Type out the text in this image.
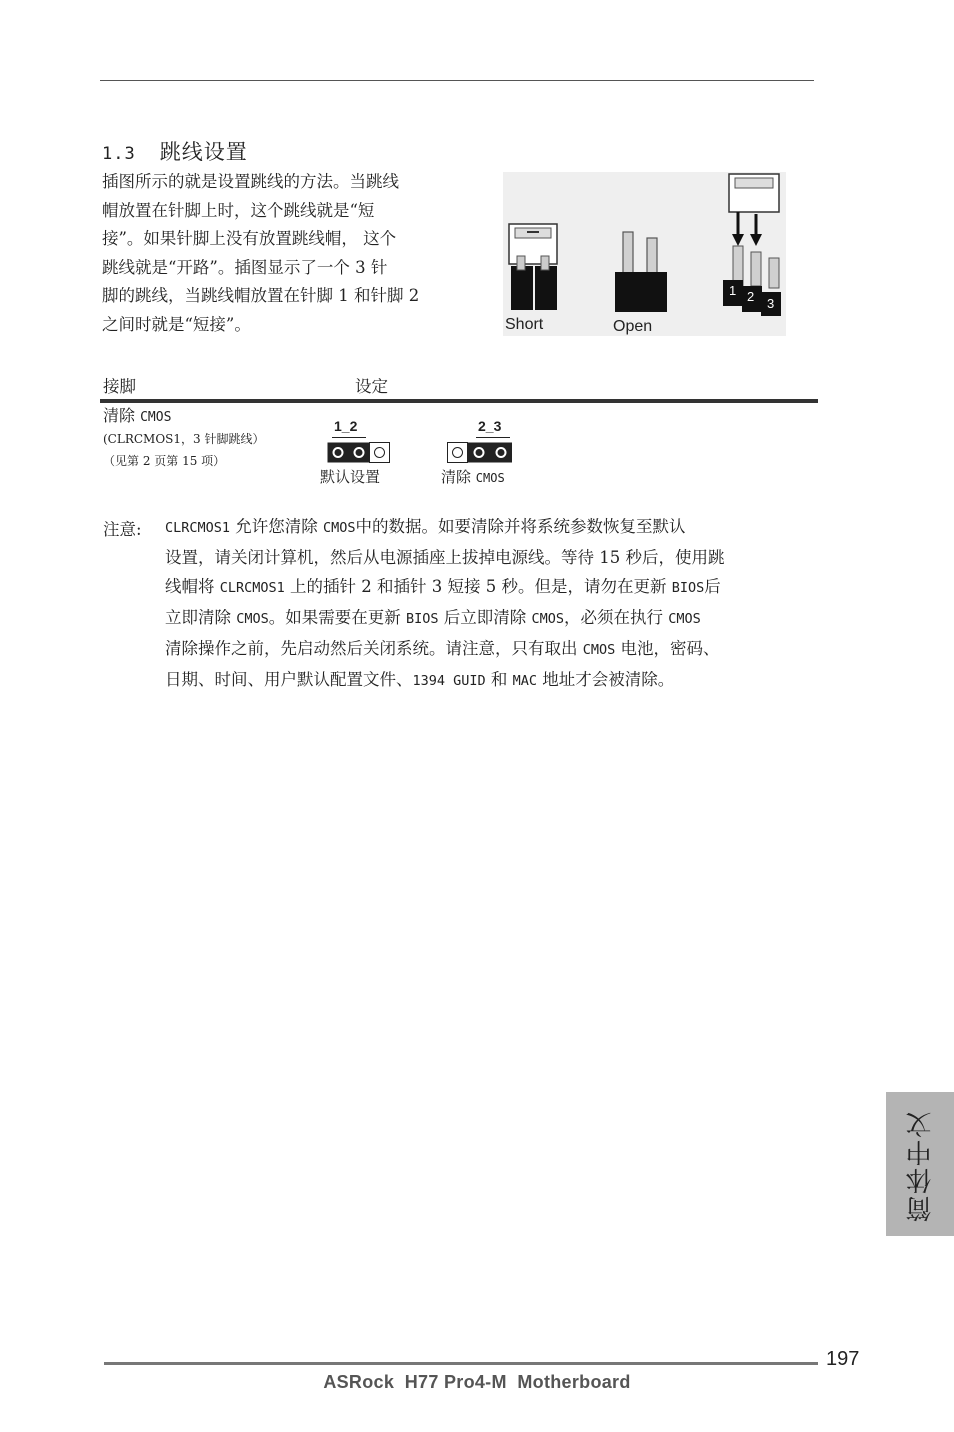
1.3 跳线设置

插图所示的就是设置跳线的方法。当跳线

帽放置在针脚上时，这个跳线就是“短

接”。如果针脚上没有放置跳线帽， 这个

跳线就是“开路”。插图显示了一个 3 针

脚的跳线，当跳线帽放置在针脚 1 和针脚 2

之间时就是“短接”。

1 2 3
Short	Open
接脚	设定
清除 CMOS
(CLRCMOS1，3 针脚跳线）
（见第 2 页第 15 项）
1_2
默认设置
2_3
清除 CMOS
注意: CLRCMOS1 允许您清除 CMOS中的数据。如要清除并将系统参数恢复至默认

设置，请关闭计算机，然后从电源插座上拔掉电源线。等待 15 秒后，使用跳

线帽将 CLRCMOS1 上的插针 2 和插针 3 短接 5 秒。但是，请勿在更新 BIOS后

立即清除 CMOS。如果需要在更新 BIOS 后立即清除 CMOS，必须在执行 CMOS

清除操作之前，先启动然后关闭系统。请注意，只有取出 CMOS 电池，密码、

日期、时间、用户默认配置文件、1394 GUID 和 MAC 地址才会被清除。

简体中文
197
ASRock  H77 Pro4-M  Motherboard
